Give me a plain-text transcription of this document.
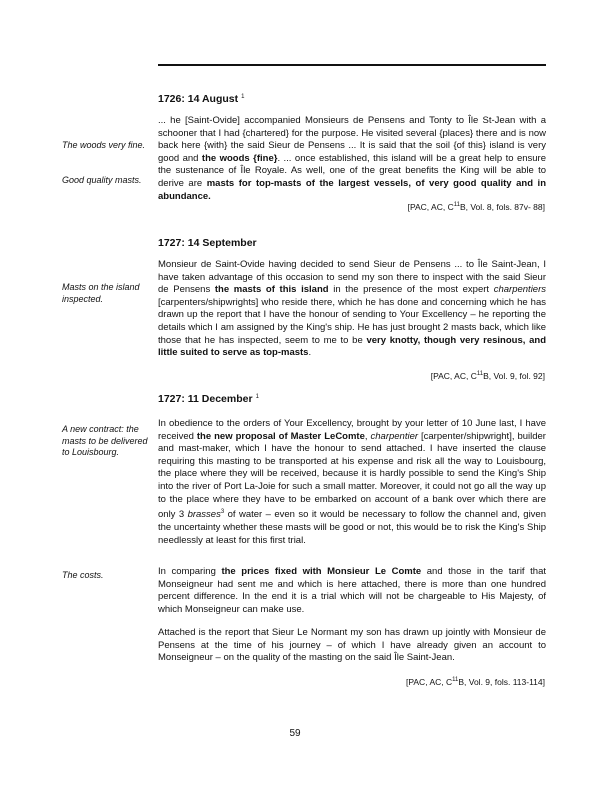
1726: 14 August $^1$
The woods very fine.
Good quality masts.
... he [Saint-Ovide] accompanied Monsieurs de Pensens and Tonty to Île St-Jean with a schooner that I had {chartered} for the purpose. He visited several {places} there and is now back here {with} the said Sieur de Pensens ... It is said that the soil {of this} island is very good and the woods {fine}. ... once established, this island will be a great help to ensure the sustenance of Île Royale. As well, one of the great benefits the King will be able to derive are masts for top-masts of the largest vessels, of very good quality and in abundance.
[PAC, AC, $C^{11}B$, Vol. 8, fols. 87v- 88]
1727: 14 September
Masts on the island inspected.
Monsieur de Saint-Ovide having decided to send Sieur de Pensens ... to Île Saint-Jean, I have taken advantage of this occasion to send my son there to inspect with the said Sieur de Pensens the masts of this island in the presence of the most expert charpentiers [carpenters/shipwrights] who reside there, which he has done and concerning which he has drawn up the report that I have the honour of sending to Your Excellency – he reporting the details which I am assigned by the King's ship. He has just brought 2 masts back, which like those that he has inspected, seem to me to be very knotty, though very resinous, and little suited to serve as top-masts.
[PAC, AC, $C^{11}B$, Vol. 9, fol. 92]
1727: 11 December $^1$
A new contract: the masts to be delivered to Louisbourg.
The costs.
In obedience to the orders of Your Excellency, brought by your letter of 10 June last, I have received the new proposal of Master LeComte, charpentier [carpenter/shipwright], builder and mast-maker, which I have the honour to send attached. I have inserted the clause requiring this masting to be transported at his expense and risk all the way to Louisbourg, the place where they will be received, because it is hardly possible to send the King's Ship into the river of Port La-Joie for such a small matter. Moreover, it could not go all the way up to the place where they have to be embarked on account of a bank over which there are only 3 brasses$^3$ of water – even so it would be necessary to follow the channel and, given the uncertainty whether these masts will be good or not, this would be to risk the King's Ship needlessly at least for this first trial.
In comparing the prices fixed with Monsieur Le Comte and those in the tarif that Monseigneur had sent me and which is here attached, there is more than one hundred percent difference. In the end it is a trial which will not be chargeable to His Majesty, of which Monseigneur can make use.
Attached is the report that Sieur Le Normant my son has drawn up jointly with Monsieur de Pensens at the time of his journey – of which I have already given an account to Monseigneur – on the quality of the masting on the said Île Saint-Jean.
[PAC, AC, $C^{11}B$, Vol. 9, fols. 113-114]
59
